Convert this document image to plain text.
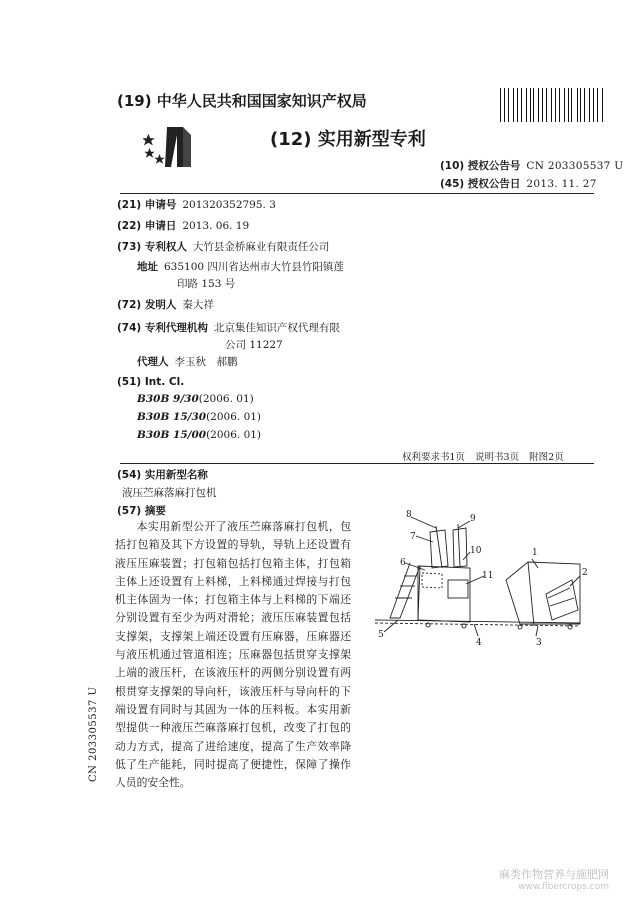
(19) 中华人民共和国国家知识产权局
(12) 实用新型专利
(10) 授权公告号 CN 203305537 U
(45) 授权公告日 2013. 11. 27
(21) 申请号 201320352795. 3
(22) 申请日 2013. 06. 19
(73) 专利权人 大竹县金桥麻业有限责任公司
地址 635100 四川省达州市大竹县竹阳镇莲
印路 153 号
(72) 发明人 秦大祥
(74) 专利代理机构 北京集佳知识产权代理有限
公司 11227
代理人 李玉秋　郝鹏
(51) Int. Cl.
B30B 9/30(2006. 01)
B30B 15/30(2006. 01)
B30B 15/00(2006. 01)
权利要求书1页 说明书3页 附图2页
(54) 实用新型名称
液压苎麻落麻打包机
(57) 摘要

本实用新型公开了液压苎麻落麻打包机，包括打包箱及其下方设置的导轨，导轨上还设置有液压压麻装置；打包箱包括打包箱主体，打包箱主体上还设置有上料梯，上料梯通过焊接与打包机主体固为一体；打包箱主体与上料梯的下端还分别设置有至少为两对滑轮；液压压麻装置包括支撑架，支撑架上端还设置有压麻器，压麻器还与液压机通过管道相连；压麻器包括贯穿支撑架上端的液压杆，在该液压杆的两侧分别设置有两根贯穿支撑架的导向杆，该液压杆与导向杆的下端设置有同时与其固为一体的压料板。本实用新型提供一种液压苎麻落麻打包机，改变了打包的动力方式，提高了进给速度，提高了生产效率降低了生产能耗，同时提高了便捷性，保障了操作人员的安全性。

1
2
3
4
5
6
7
8	9
10
11
CN 203305537 U
麻类作物营养与施肥网
www.fibercrops.com
